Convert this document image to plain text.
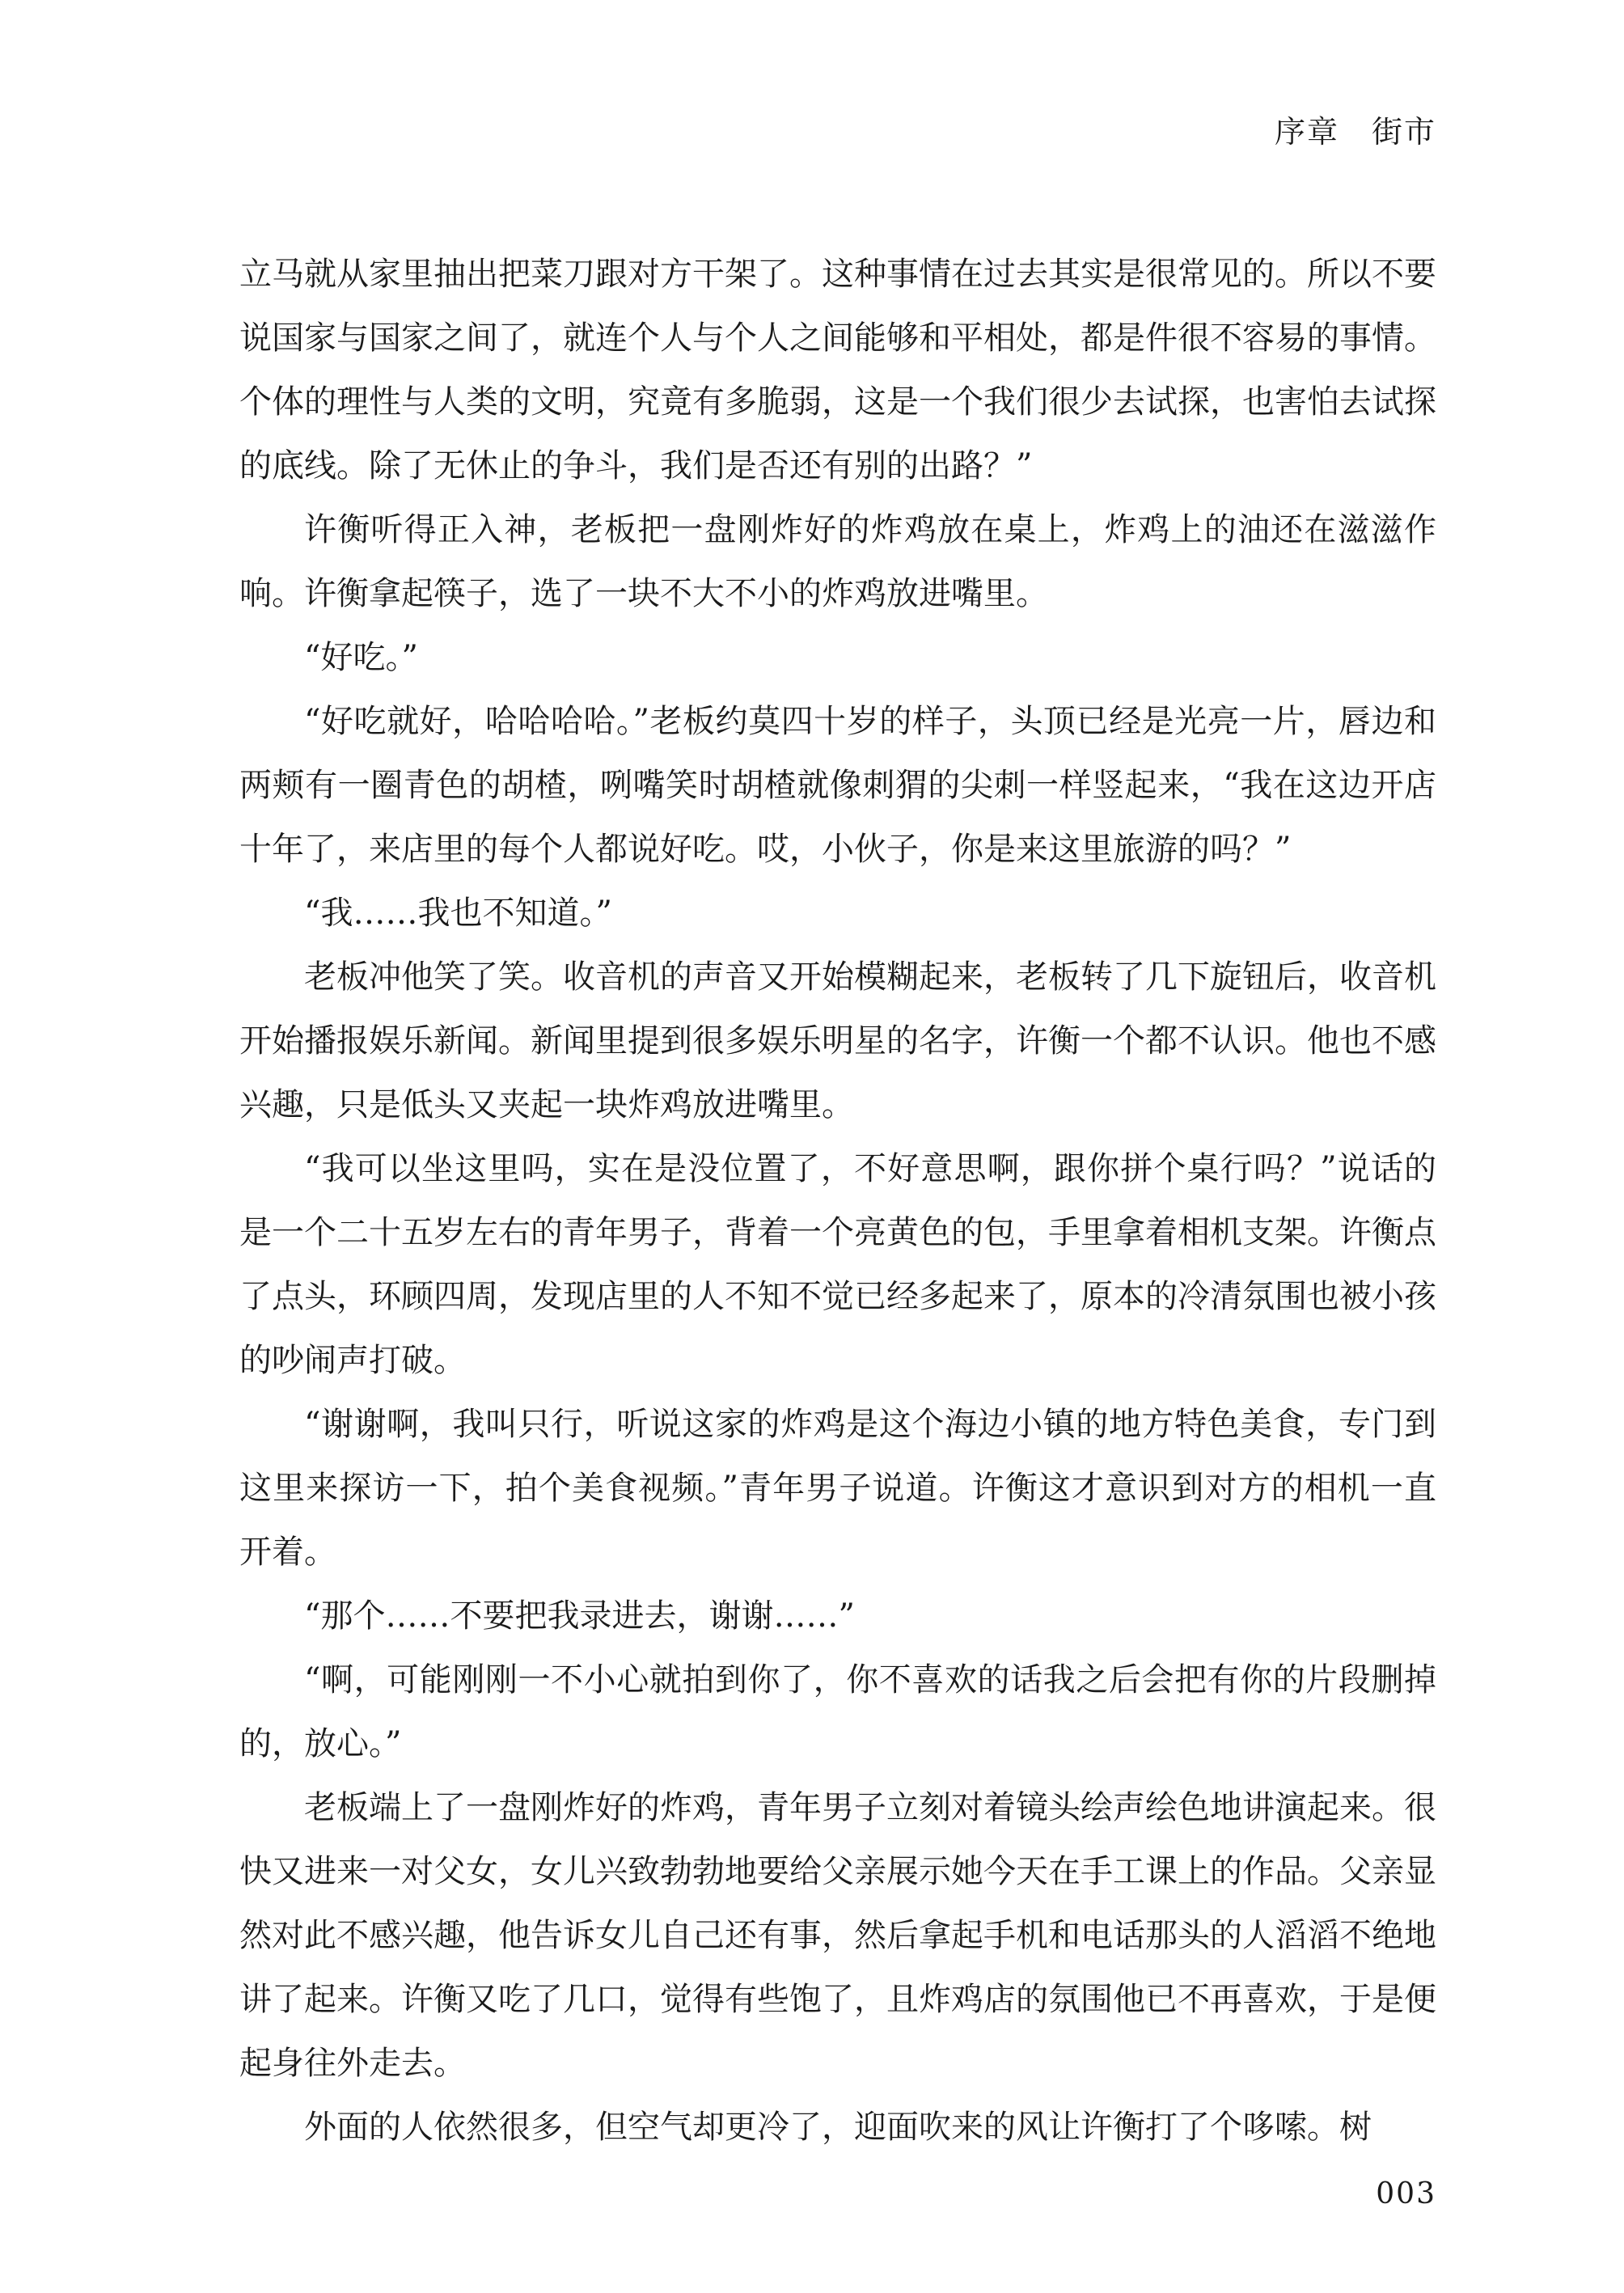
序章　街市

立马就从家里抽出把菜刀跟对方干架了。这种事情在过去其实是很常见的。所以不要说国家与国家之间了，就连个人与个人之间能够和平相处，都是件很不容易的事情。个体的理性与人类的文明，究竟有多脆弱，这是一个我们很少去试探，也害怕去试探的底线。除了无休止的争斗，我们是否还有别的出路？”

许衡听得正入神，老板把一盘刚炸好的炸鸡放在桌上，炸鸡上的油还在滋滋作响。许衡拿起筷子，选了一块不大不小的炸鸡放进嘴里。

“好吃。”

“好吃就好，哈哈哈哈。”老板约莫四十岁的样子，头顶已经是光亮一片，唇边和两颊有一圈青色的胡楂，咧嘴笑时胡楂就像刺猬的尖刺一样竖起来，“我在这边开店十年了，来店里的每个人都说好吃。哎，小伙子，你是来这里旅游的吗？”

“我……我也不知道。”

老板冲他笑了笑。收音机的声音又开始模糊起来，老板转了几下旋钮后，收音机开始播报娱乐新闻。新闻里提到很多娱乐明星的名字，许衡一个都不认识。他也不感兴趣，只是低头又夹起一块炸鸡放进嘴里。

“我可以坐这里吗，实在是没位置了，不好意思啊，跟你拼个桌行吗？”说话的是一个二十五岁左右的青年男子，背着一个亮黄色的包，手里拿着相机支架。许衡点了点头，环顾四周，发现店里的人不知不觉已经多起来了，原本的冷清氛围也被小孩的吵闹声打破。

“谢谢啊，我叫只行，听说这家的炸鸡是这个海边小镇的地方特色美食，专门到这里来探访一下，拍个美食视频。”青年男子说道。许衡这才意识到对方的相机一直开着。

“那个……不要把我录进去，谢谢……”

“啊，可能刚刚一不小心就拍到你了，你不喜欢的话我之后会把有你的片段删掉的，放心。”

老板端上了一盘刚炸好的炸鸡，青年男子立刻对着镜头绘声绘色地讲演起来。很快又进来一对父女，女儿兴致勃勃地要给父亲展示她今天在手工课上的作品。父亲显然对此不感兴趣，他告诉女儿自己还有事，然后拿起手机和电话那头的人滔滔不绝地讲了起来。许衡又吃了几口，觉得有些饱了，且炸鸡店的氛围他已不再喜欢，于是便起身往外走去。

外面的人依然很多，但空气却更冷了，迎面吹来的风让许衡打了个哆嗦。树

003
